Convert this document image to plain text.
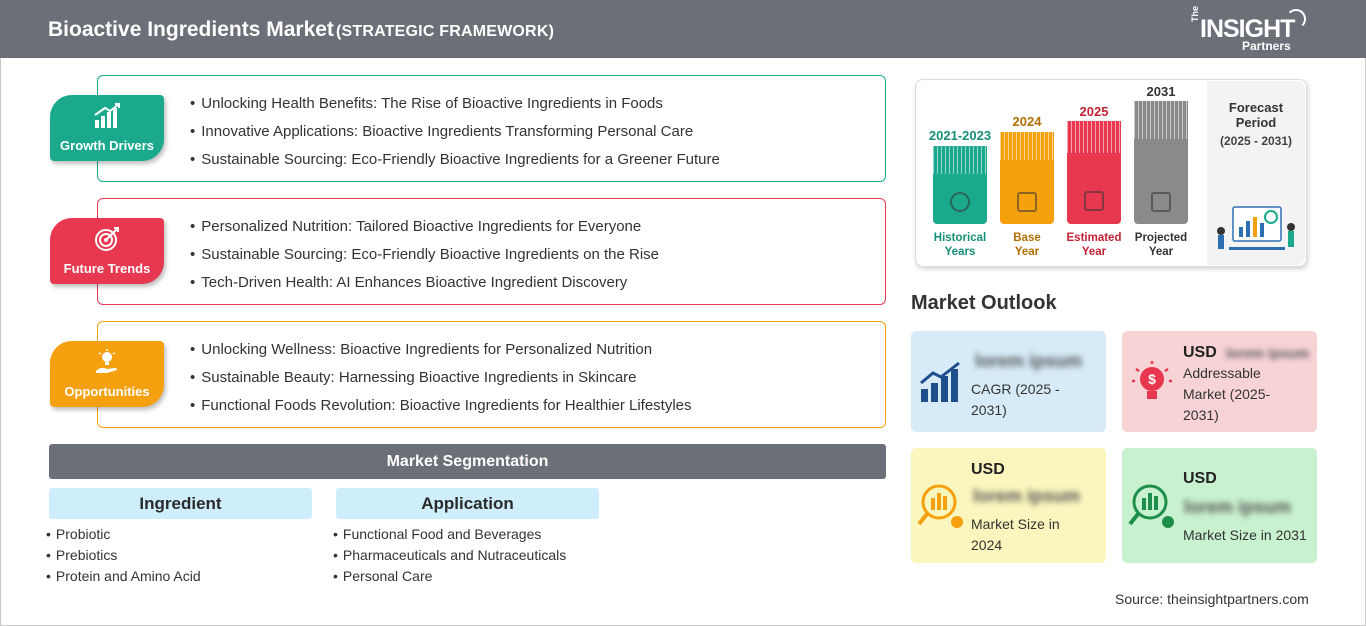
Bioactive Ingredients Market (STRATEGIC FRAMEWORK)
The
INSIGHT
Partners
• Unlocking Health Benefits: The Rise of Bioactive Ingredients in Foods
• Innovative Applications: Bioactive Ingredients Transforming Personal Care
• Sustainable Sourcing: Eco-Friendly Bioactive Ingredients for a Greener Future
Growth Drivers
• Personalized Nutrition: Tailored Bioactive Ingredients for Everyone
• Sustainable Sourcing: Eco-Friendly Bioactive Ingredients on the Rise
• Tech-Driven Health: AI Enhances Bioactive Ingredient Discovery
Future Trends
• Unlocking Wellness: Bioactive Ingredients for Personalized Nutrition
• Sustainable Beauty: Harnessing Bioactive Ingredients in Skincare
• Functional Foods Revolution: Bioactive Ingredients for Healthier Lifestyles
Opportunities
Market Segmentation
Ingredient
• Probiotic
• Prebiotics
• Protein and Amino Acid
Application
• Functional Food and Beverages
• Pharmaceuticals and Nutraceuticals
• Personal Care
2021-2023
Historical
Years
2024
Base
Year
2025
Estimated
Year
2031
Projected
Year
Forecast
Period
(2025 - 2031)
Market Outlook
lorem ipsum
CAGR (2025 - 2031)
$
USD lorem ipsum
Addressable Market (2025-2031)
USD
lorem ipsum
Market Size in 2024
USD
lorem ipsum
Market Size in 2031
Source: theinsightpartners.com
